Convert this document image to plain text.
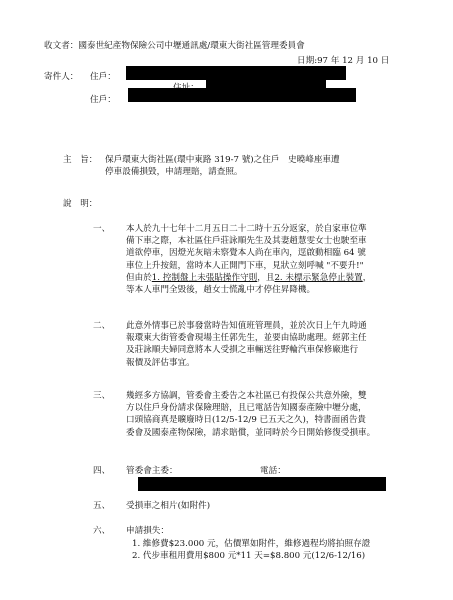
收文者：國泰世紀產物保險公司中壢通訊處/環東大街社區管理委員會
日期:97 年 12 月 10 日
寄件人： 住戶：
住戶：
主　旨： 保戶環東大街社區(環中東路 319-7 號)之住戶　史曉峰座車遭
停車設備損毀，申請理賠，請查照。
說　明：
一、 本人於九十七年十二月五日二十二時十五分返家，於自家車位準
備下車之際，本社區住戶莊詠順先生及其妻趙慧雯女士也駛至車
道欲停車，因燈光灰暗未察覺本人尚在車內，逕啟動相臨 64 號
車位上升按鈕，當時本人正開門下車，見狀立刻呼喊 "不要升!"
但由於1. 控制盤上未張貼操作守則，且2. 未標示緊急停止裝置，
等本人車門全毀後，趙女士慌亂中才停住昇降機。
二、 此意外情事已於事發當時告知值班管理員，並於次日上午九時通
報環東大街管委會現場主任郭先生，並要由協助處理。經郭主任
及莊詠順夫婦同意將本人受損之車輛送往野輪汽車保修廠進行
報價及評估事宜。
三、 幾經多方協調，管委會主委告之本社區已有投保公共意外險，雙
方以住戶身份請求保險理賠，且已電話告知國泰產險中壢分處，
口頭協商真是曠廢時日(12/5-12/9 已五天之久)，特書面函告貴
委會及國泰產物保險，請求賠償，並同時於今日開始修復受損車。
四、 管委會主委：	電話：
五、 受損車之相片(如附件)
六、 申請損失：
1. 維修費$23.000 元，估價單如附件，維修過程均將拍照存證
2. 代步車租用費用$800 元*11 天=$8.800 元(12/6-12/16)
